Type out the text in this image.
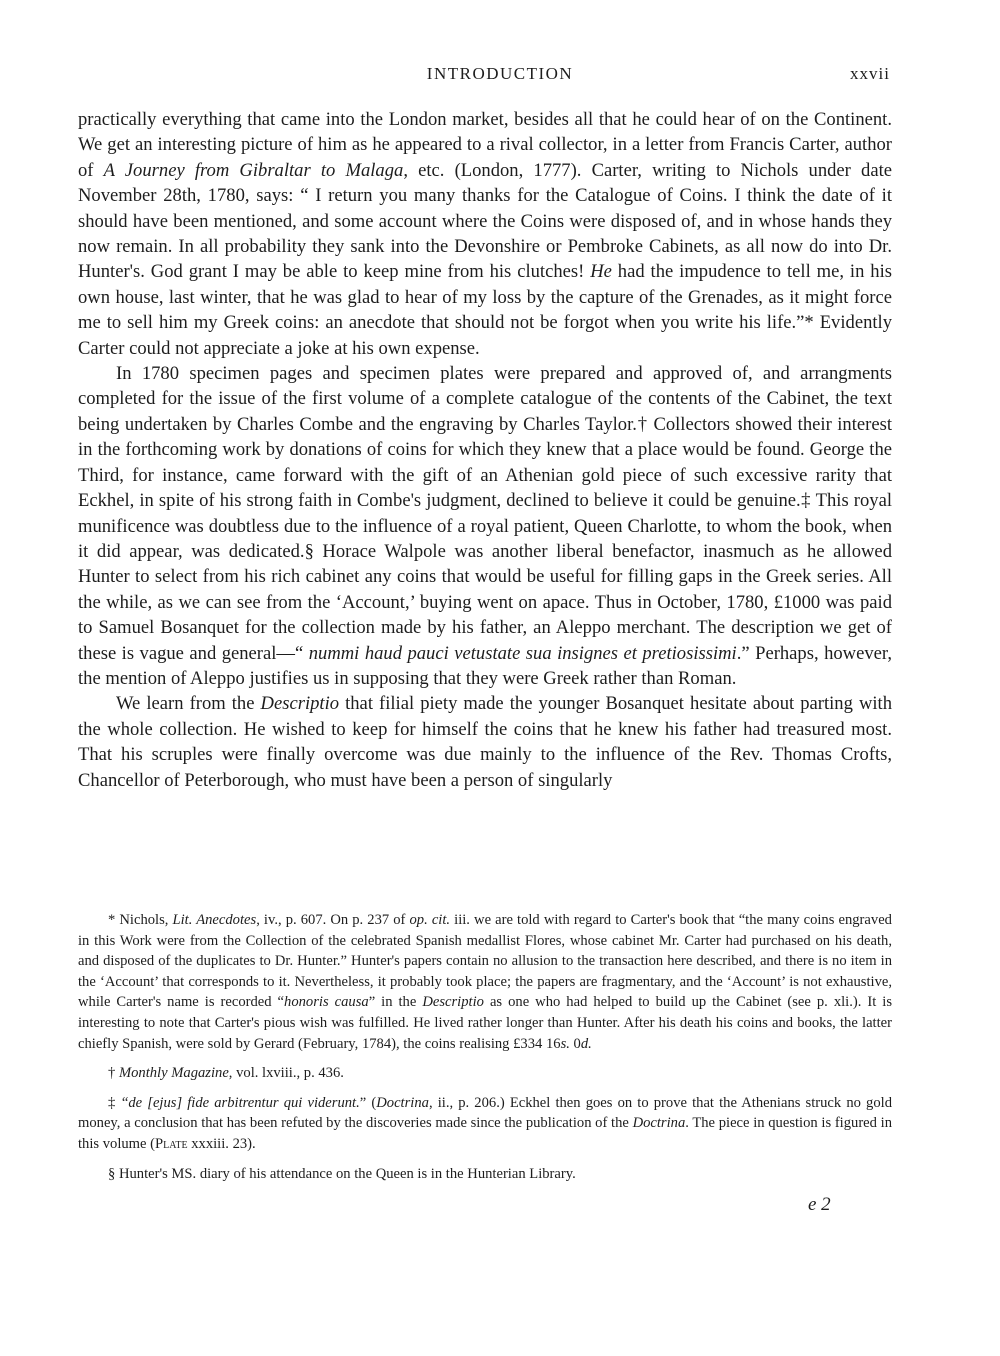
INTRODUCTION	xxvii

practically everything that came into the London market, besides all that he could hear of on the Continent. We get an interesting picture of him as he appeared to a rival collector, in a letter from Francis Carter, author of A Journey from Gibraltar to Malaga, etc. (London, 1777). Carter, writing to Nichols under date November 28th, 1780, says: “ I return you many thanks for the Catalogue of Coins. I think the date of it should have been mentioned, and some account where the Coins were disposed of, and in whose hands they now remain. In all probability they sank into the Devonshire or Pembroke Cabinets, as all now do into Dr. Hunter's. God grant I may be able to keep mine from his clutches! He had the impudence to tell me, in his own house, last winter, that he was glad to hear of my loss by the capture of the Grenades, as it might force me to sell him my Greek coins: an anecdote that should not be forgot when you write his life.”* Evidently Carter could not appreciate a joke at his own expense.

In 1780 specimen pages and specimen plates were prepared and approved of, and arrangments completed for the issue of the first volume of a complete catalogue of the contents of the Cabinet, the text being undertaken by Charles Combe and the engraving by Charles Taylor.† Collectors showed their interest in the forthcoming work by donations of coins for which they knew that a place would be found. George the Third, for instance, came forward with the gift of an Athenian gold piece of such excessive rarity that Eckhel, in spite of his strong faith in Combe's judgment, declined to believe it could be genuine.‡ This royal munificence was doubtless due to the influence of a royal patient, Queen Charlotte, to whom the book, when it did appear, was dedicated.§ Horace Walpole was another liberal benefactor, inasmuch as he allowed Hunter to select from his rich cabinet any coins that would be useful for filling gaps in the Greek series. All the while, as we can see from the ‘Account,’ buying went on apace. Thus in October, 1780, £1000 was paid to Samuel Bosanquet for the collection made by his father, an Aleppo merchant. The description we get of these is vague and general—“ nummi haud pauci vetustate sua insignes et pretiosissimi.” Perhaps, however, the mention of Aleppo justifies us in supposing that they were Greek rather than Roman.

We learn from the Descriptio that filial piety made the younger Bosanquet hesitate about parting with the whole collection. He wished to keep for himself the coins that he knew his father had treasured most. That his scruples were finally overcome was due mainly to the influence of the Rev. Thomas Crofts, Chancellor of Peterborough, who must have been a person of singularly

* Nichols, Lit. Anecdotes, iv., p. 607. On p. 237 of op. cit. iii. we are told with regard to Carter's book that “the many coins engraved in this Work were from the Collection of the celebrated Spanish medallist Flores, whose cabinet Mr. Carter had purchased on his death, and disposed of the duplicates to Dr. Hunter.” Hunter's papers contain no allusion to the transaction here described, and there is no item in the ‘Account’ that corresponds to it. Nevertheless, it probably took place; the papers are fragmentary, and the ‘Account’ is not exhaustive, while Carter's name is recorded “honoris causa” in the Descriptio as one who had helped to build up the Cabinet (see p. xli.). It is interesting to note that Carter's pious wish was fulfilled. He lived rather longer than Hunter. After his death his coins and books, the latter chiefly Spanish, were sold by Gerard (February, 1784), the coins realising £334 16s. 0d.

† Monthly Magazine, vol. lxviii., p. 436.

‡ “de [ejus] fide arbitrentur qui viderunt.” (Doctrina, ii., p. 206.) Eckhel then goes on to prove that the Athenians struck no gold money, a conclusion that has been refuted by the discoveries made since the publication of the Doctrina. The piece in question is figured in this volume (Plate xxxiii. 23).

§ Hunter's MS. diary of his attendance on the Queen is in the Hunterian Library.

e 2
